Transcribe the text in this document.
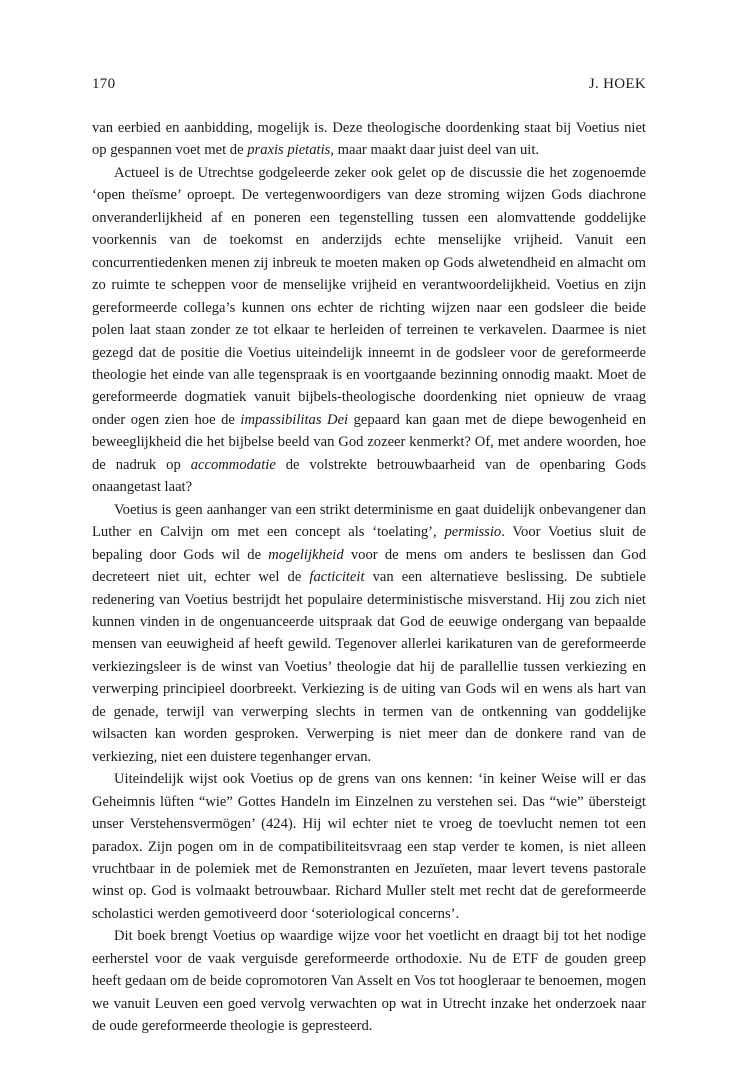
170	J. HOEK

van eerbied en aanbidding, mogelijk is. Deze theologische doordenking staat bij Voetius niet op gespannen voet met de praxis pietatis, maar maakt daar juist deel van uit.

Actueel is de Utrechtse godgeleerde zeker ook gelet op de discussie die het zogenoemde ‘open theïsme’ oproept. De vertegenwoordigers van deze stroming wijzen Gods diachrone onveranderlijkheid af en poneren een tegenstelling tussen een alomvattende goddelijke voorkennis van de toekomst en anderzijds echte menselijke vrijheid. Vanuit een concurrentiedenken menen zij inbreuk te moeten maken op Gods alwetendheid en almacht om zo ruimte te scheppen voor de menselijke vrijheid en verantwoordelijkheid. Voetius en zijn gereformeerde collega’s kunnen ons echter de richting wijzen naar een godsleer die beide polen laat staan zonder ze tot elkaar te herleiden of terreinen te verkavelen. Daarmee is niet gezegd dat de positie die Voetius uiteindelijk inneemt in de godsleer voor de gereformeerde theologie het einde van alle tegenspraak is en voortgaande bezinning onnodig maakt. Moet de gereformeerde dogmatiek vanuit bijbels-theologische doordenking niet opnieuw de vraag onder ogen zien hoe de impassibilitas Dei gepaard kan gaan met de diepe bewogenheid en beweeglijkheid die het bijbelse beeld van God zozeer kenmerkt? Of, met andere woorden, hoe de nadruk op accommodatie de volstrekte betrouwbaarheid van de openbaring Gods onaangetast laat?

Voetius is geen aanhanger van een strikt determinisme en gaat duidelijk onbevangener dan Luther en Calvijn om met een concept als ‘toelating’, permissio. Voor Voetius sluit de bepaling door Gods wil de mogelijkheid voor de mens om anders te beslissen dan God decreteert niet uit, echter wel de facticiteit van een alternatieve beslissing. De subtiele redenering van Voetius bestrijdt het populaire deterministische misverstand. Hij zou zich niet kunnen vinden in de ongenuanceerde uitspraak dat God de eeuwige ondergang van bepaalde mensen van eeuwigheid af heeft gewild. Tegenover allerlei karikaturen van de gereformeerde verkiezingsleer is de winst van Voetius’ theologie dat hij de parallellie tussen verkiezing en verwerping principieel doorbreekt. Verkiezing is de uiting van Gods wil en wens als hart van de genade, terwijl van verwerping slechts in termen van de ontkenning van goddelijke wilsacten kan worden gesproken. Verwerping is niet meer dan de donkere rand van de verkiezing, niet een duistere tegenhanger ervan.

Uiteindelijk wijst ook Voetius op de grens van ons kennen: ‘in keiner Weise will er das Geheimnis lüften “wie” Gottes Handeln im Einzelnen zu verstehen sei. Das “wie” übersteigt unser Verstehensvermögen’ (424). Hij wil echter niet te vroeg de toevlucht nemen tot een paradox. Zijn pogen om in de compatibiliteitsvraag een stap verder te komen, is niet alleen vruchtbaar in de polemiek met de Remonstranten en Jezuïeten, maar levert tevens pastorale winst op. God is volmaakt betrouwbaar. Richard Muller stelt met recht dat de gereformeerde scholastici werden gemotiveerd door ‘soteriological concerns’.

Dit boek brengt Voetius op waardige wijze voor het voetlicht en draagt bij tot het nodige eerherstel voor de vaak verguisde gereformeerde orthodoxie. Nu de ETF de gouden greep heeft gedaan om de beide copromotoren Van Asselt en Vos tot hoogleraar te benoemen, mogen we vanuit Leuven een goed vervolg verwachten op wat in Utrecht inzake het onderzoek naar de oude gereformeerde theologie is gepresteerd.
